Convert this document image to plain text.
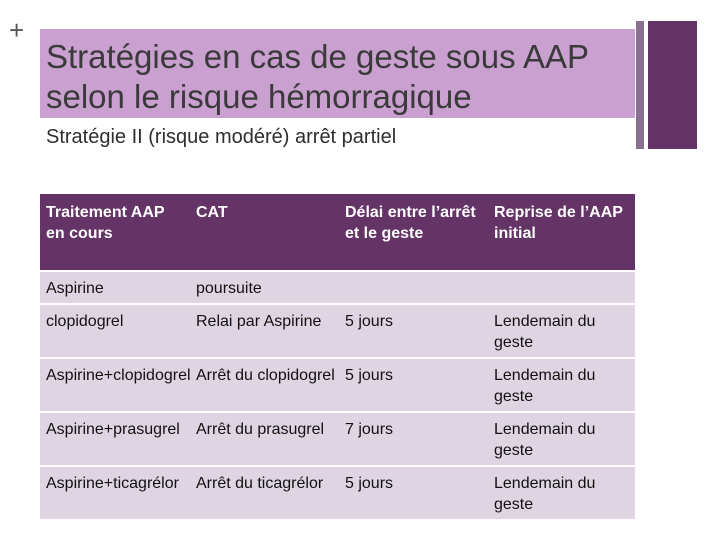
+
Stratégies en cas de geste sous AAP selon le risque hémorragique
Stratégie II (risque modéré) arrêt partiel
Traitement AAP en cours	CAT	Délai entre l’arrêt et le geste	Reprise de l’AAP initial
Aspirine	poursuite		
clopidogrel	Relai par Aspirine	5 jours	Lendemain du geste
Aspirine+clopidogrel	Arrêt du clopidogrel	5 jours	Lendemain du geste
Aspirine+prasugrel	Arrêt du prasugrel	7 jours	Lendemain du geste
Aspirine+ticagrélor	Arrêt du ticagrélor	5 jours	Lendemain du geste
